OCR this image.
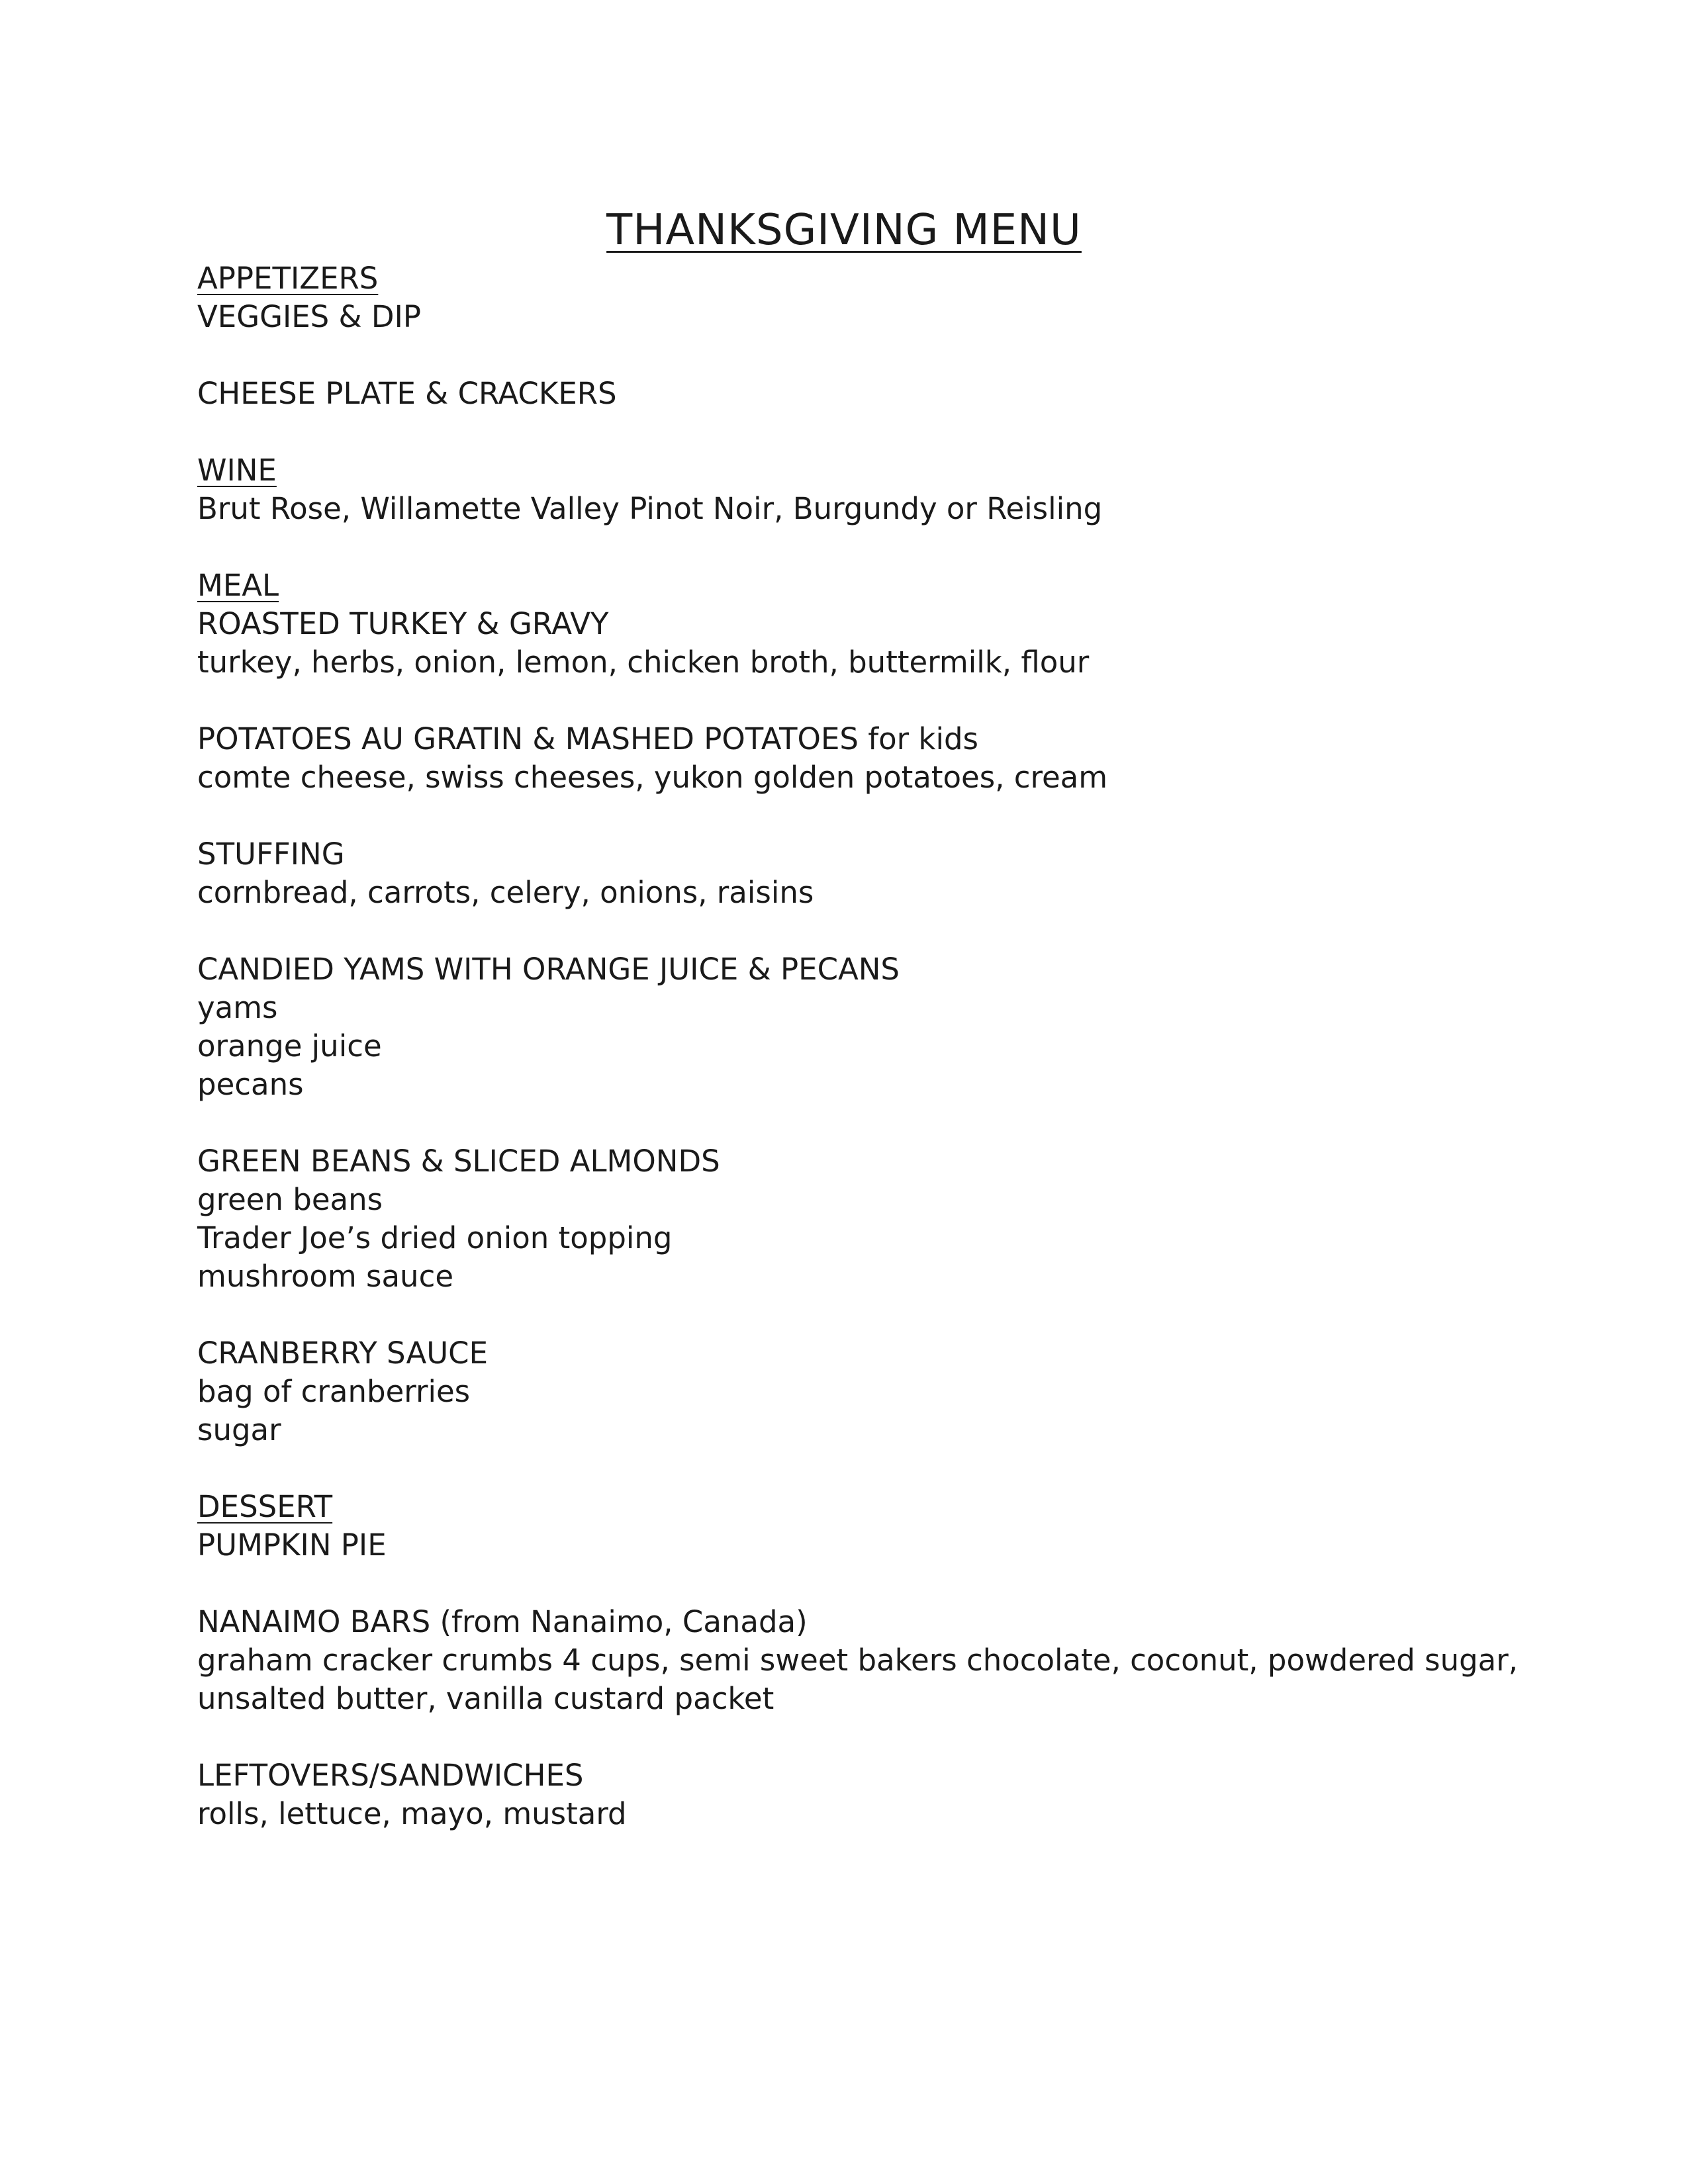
THANKSGIVING MENU
APPETIZERS
VEGGIES & DIP
CHEESE PLATE & CRACKERS
WINE
Brut Rose, Willamette Valley Pinot Noir, Burgundy or Reisling
MEAL
ROASTED TURKEY & GRAVY
turkey, herbs, onion, lemon, chicken broth, buttermilk, flour
POTATOES AU GRATIN & MASHED POTATOES for kids
comte cheese, swiss cheeses, yukon golden potatoes, cream
STUFFING
cornbread, carrots, celery, onions, raisins
CANDIED YAMS WITH ORANGE JUICE & PECANS
yams
orange juice
pecans
GREEN BEANS & SLICED ALMONDS
green beans
Trader Joe’s dried onion topping
mushroom sauce
CRANBERRY SAUCE
bag of cranberries
sugar
DESSERT
PUMPKIN PIE
NANAIMO BARS (from Nanaimo, Canada)
graham cracker crumbs 4 cups, semi sweet bakers chocolate, coconut, powdered sugar,
unsalted butter, vanilla custard packet
LEFTOVERS/SANDWICHES
rolls, lettuce, mayo, mustard
